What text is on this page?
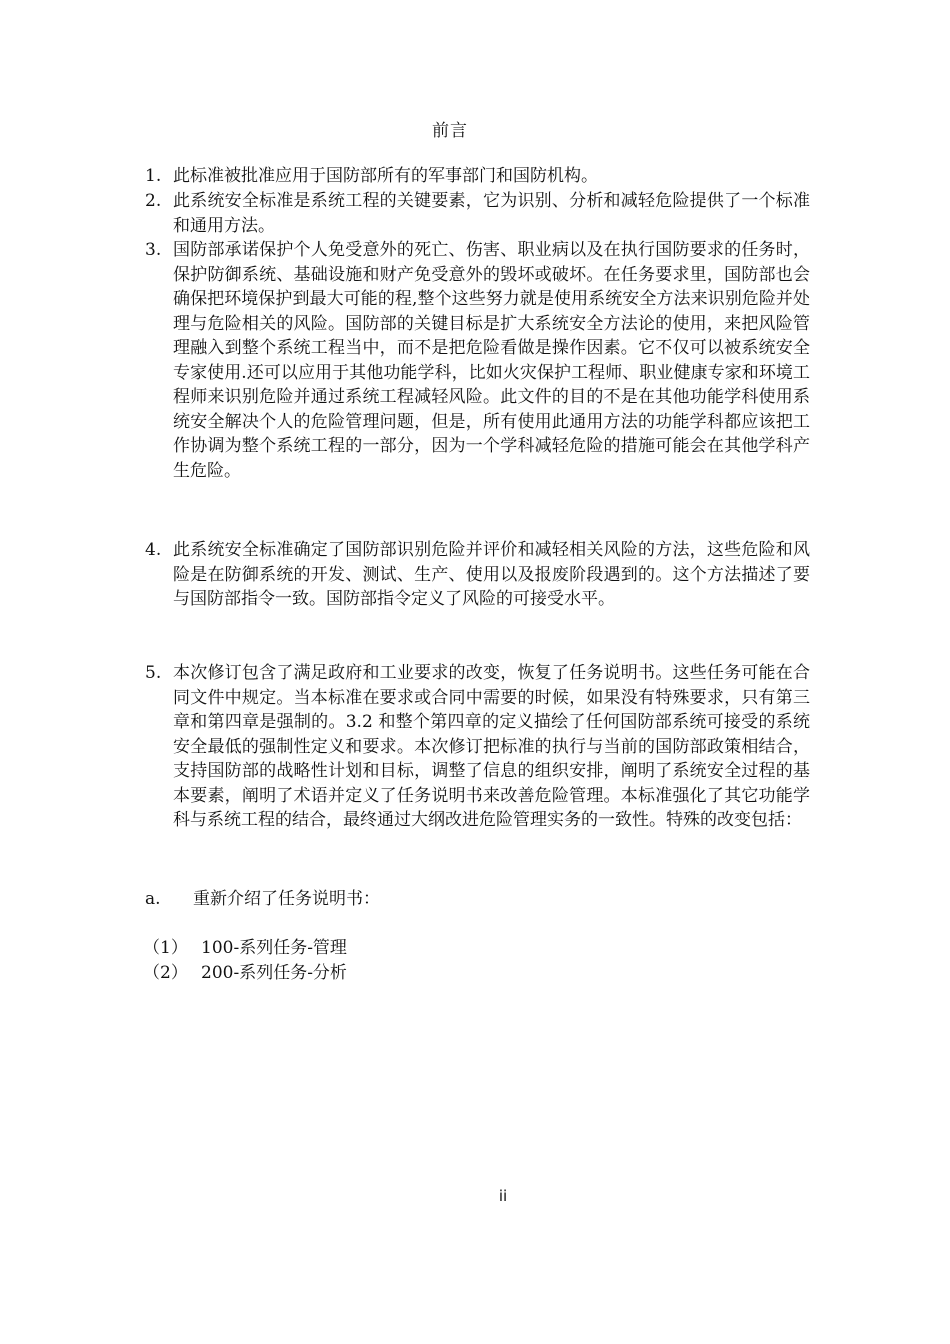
前言
1. 此标准被批准应用于国防部所有的军事部门和国防机构。
2. 此系统安全标准是系统工程的关键要素，它为识别、分析和减轻危险提供了一个标准和通用方法。
3. 国防部承诺保护个人免受意外的死亡、伤害、职业病以及在执行国防要求的任务时，保护防御系统、基础设施和财产免受意外的毁坏或破坏。在任务要求里，国防部也会确保把环境保护到最大可能的程,整个这些努力就是使用系统安全方法来识别危险并处理与危险相关的风险。国防部的关键目标是扩大系统安全方法论的使用，来把风险管理融入到整个系统工程当中，而不是把危险看做是操作因素。它不仅可以被系统安全专家使用.还可以应用于其他功能学科，比如火灾保护工程师、职业健康专家和环境工程师来识别危险并通过系统工程减轻风险。此文件的目的不是在其他功能学科使用系统安全解决个人的危险管理问题，但是，所有使用此通用方法的功能学科都应该把工作协调为整个系统工程的一部分，因为一个学科减轻危险的措施可能会在其他学科产生危险。
4. 此系统安全标准确定了国防部识别危险并评价和减轻相关风险的方法，这些危险和风险是在防御系统的开发、测试、生产、使用以及报废阶段遇到的。这个方法描述了要与国防部指令一致。国防部指令定义了风险的可接受水平。
5. 本次修订包含了满足政府和工业要求的改变，恢复了任务说明书。这些任务可能在合同文件中规定。当本标准在要求或合同中需要的时候，如果没有特殊要求，只有第三章和第四章是强制的。3.2 和整个第四章的定义描绘了任何国防部系统可接受的系统安全最低的强制性定义和要求。本次修订把标准的执行与当前的国防部政策相结合，支持国防部的战略性计划和目标，调整了信息的组织安排，阐明了系统安全过程的基本要素，阐明了术语并定义了任务说明书来改善危险管理。本标准强化了其它功能学科与系统工程的结合，最终通过大纲改进危险管理实务的一致性。特殊的改变包括：
a.	重新介绍了任务说明书：
（1） 100-系列任务-管理
（2） 200-系列任务-分析
ii
